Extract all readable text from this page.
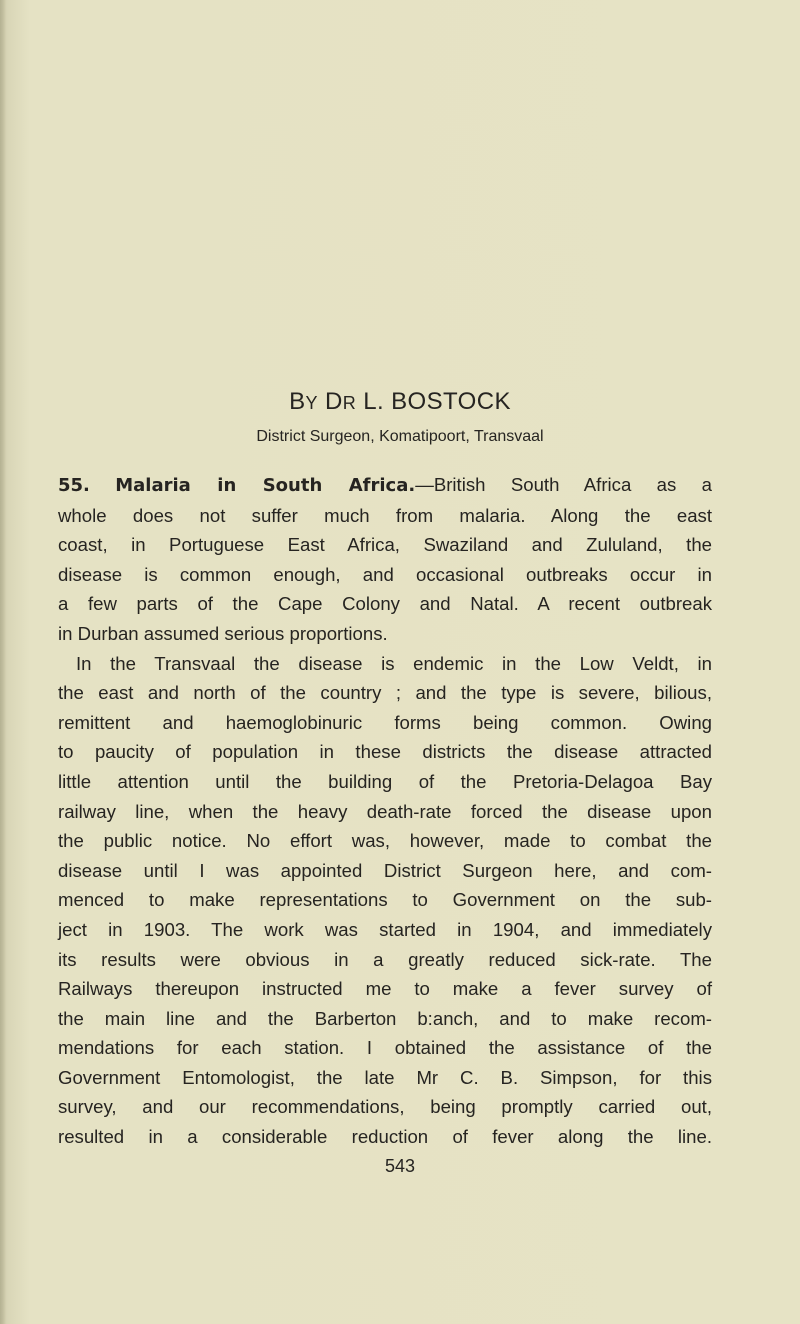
BY DR L. BOSTOCK
District Surgeon, Komatipoort, Transvaal
55. Malaria in South Africa.—British South Africa as a
whole does not suffer much from malaria. Along the east
coast, in Portuguese East Africa, Swaziland and Zululand, the
disease is common enough, and occasional outbreaks occur in
a few parts of the Cape Colony and Natal. A recent outbreak
in Durban assumed serious proportions.
In the Transvaal the disease is endemic in the Low Veldt, in
the east and north of the country ; and the type is severe, bilious,
remittent and haemoglobinuric forms being common. Owing
to paucity of population in these districts the disease attracted
little attention until the building of the Pretoria-Delagoa Bay
railway line, when the heavy death-rate forced the disease upon
the public notice. No effort was, however, made to combat the
disease until I was appointed District Surgeon here, and com-
menced to make representations to Government on the sub-
ject in 1903. The work was started in 1904, and immediately
its results were obvious in a greatly reduced sick-rate. The
Railways thereupon instructed me to make a fever survey of
the main line and the Barberton b:anch, and to make recom-
mendations for each station. I obtained the assistance of the
Government Entomologist, the late Mr C. B. Simpson, for this
survey, and our recommendations, being promptly carried out,
resulted in a considerable reduction of fever along the line.
543
